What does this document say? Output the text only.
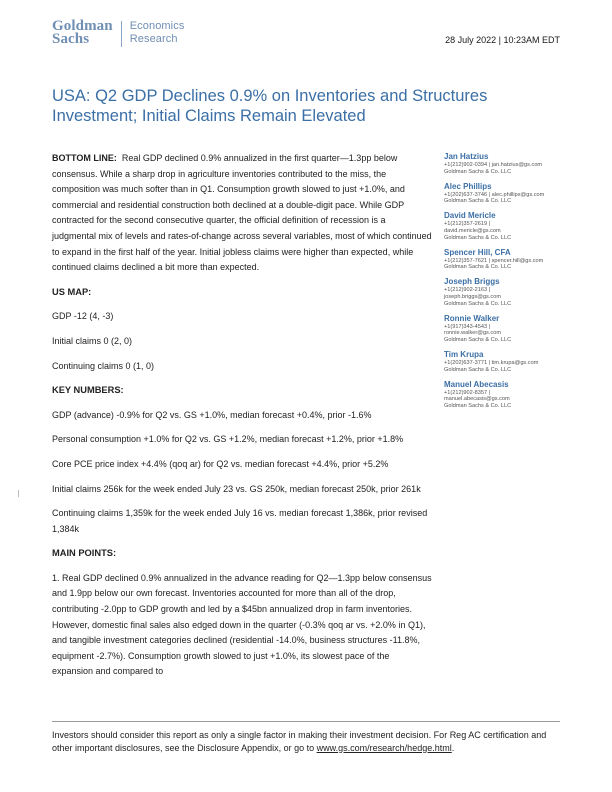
Goldman
Sachs
Economics
Research	28 July 2022 | 10:23AM EDT
USA: Q2 GDP Declines 0.9% on Inventories and Structures Investment; Initial Claims Remain Elevated

BOTTOM LINE: Real GDP declined 0.9% annualized in the first quarter—1.3pp below consensus. While a sharp drop in agriculture inventories contributed to the miss, the composition was much softer than in Q1. Consumption growth slowed to just +1.0%, and commercial and residential construction both declined at a double-digit pace. While GDP contracted for the second consecutive quarter, the official definition of recession is a judgmental mix of levels and rates-of-change across several variables, most of which continued to expand in the first half of the year. Initial jobless claims were higher than expected, while continued claims declined a bit more than expected.

US MAP:

GDP -12 (4, -3)

Initial claims 0 (2, 0)

Continuing claims 0 (1, 0)

KEY NUMBERS:

GDP (advance) -0.9% for Q2 vs. GS +1.0%, median forecast +0.4%, prior -1.6%

Personal consumption +1.0% for Q2 vs. GS +1.2%, median forecast +1.2%, prior +1.8%

Core PCE price index +4.4% (qoq ar) for Q2 vs. median forecast +4.4%, prior +5.2%

Initial claims 256k for the week ended July 23 vs. GS 250k, median forecast 250k, prior 261k

Continuing claims 1,359k for the week ended July 16 vs. median forecast 1,386k, prior revised 1,384k

MAIN POINTS:

1. Real GDP declined 0.9% annualized in the advance reading for Q2—1.3pp below consensus and 1.9pp below our own forecast. Inventories accounted for more than all of the drop, contributing -2.0pp to GDP growth and led by a $45bn annualized drop in farm inventories. However, domestic final sales also edged down in the quarter (-0.3% qoq ar vs. +2.0% in Q1), and tangible investment categories declined (residential -14.0%, business structures -11.8%, equipment -2.7%). Consumption growth slowed to just +1.0%, its slowest pace of the expansion and compared to

Jan Hatzius
+1(212)902-0394 | jan.hatzius@gs.com
Goldman Sachs & Co. LLC
Alec Phillips
+1(202)637-3746 | alec.phillips@gs.com
Goldman Sachs & Co. LLC
David Mericle
+1(212)357-2619 |
david.mericle@gs.com
Goldman Sachs & Co. LLC
Spencer Hill, CFA
+1(212)357-7621 | spencer.hill@gs.com
Goldman Sachs & Co. LLC
Joseph Briggs
+1(212)902-2163 |
joseph.briggs@gs.com
Goldman Sachs & Co. LLC
Ronnie Walker
+1(917)343-4543 |
ronnie.walker@gs.com
Goldman Sachs & Co. LLC
Tim Krupa
+1(202)637-3771 | tim.krupa@gs.com
Goldman Sachs & Co. LLC
Manuel Abecasis
+1(212)902-8357 |
manuel.abecasis@gs.com
Goldman Sachs & Co. LLC
Investors should consider this report as only a single factor in making their investment decision. For Reg AC certification and other important disclosures, see the Disclosure Appendix, or go to www.gs.com/research/hedge.html.
